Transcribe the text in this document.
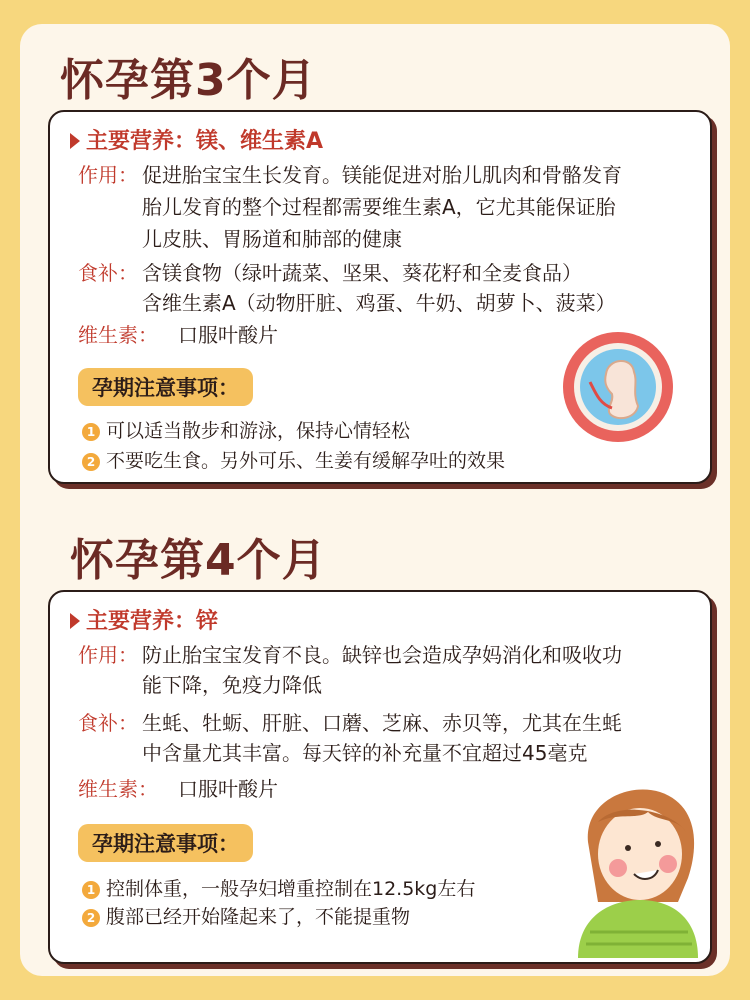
怀孕第3个月
主要营养：镁、维生素A
作用： 促进胎宝宝生长发育。镁能促进对胎儿肌肉和骨骼发育
胎儿发育的整个过程都需要维生素A，它尤其能保证胎
儿皮肤、胃肠道和肺部的健康
食补： 含镁食物（绿叶蔬菜、坚果、葵花籽和全麦食品）
含维生素A（动物肝脏、鸡蛋、牛奶、胡萝卜、菠菜）
维生素： 口服叶酸片
孕期注意事项：
1 可以适当散步和游泳，保持心情轻松
2 不要吃生食。另外可乐、生姜有缓解孕吐的效果
怀孕第4个月
主要营养：锌
作用： 防止胎宝宝发育不良。缺锌也会造成孕妈消化和吸收功
能下降，免疫力降低
食补： 生蚝、牡蛎、肝脏、口蘑、芝麻、赤贝等，尤其在生蚝
中含量尤其丰富。每天锌的补充量不宜超过45毫克
维生素： 口服叶酸片
孕期注意事项：
1 控制体重，一般孕妇增重控制在12.5kg左右
2 腹部已经开始隆起来了，不能提重物
